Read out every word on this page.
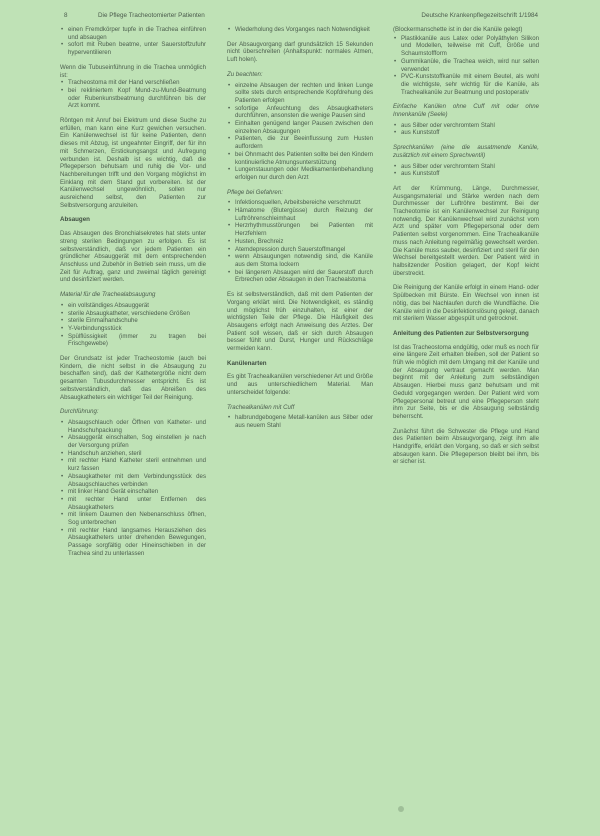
8	Die Pflege Tracheotomierter Patienten	Deutsche Krankenpflegezeitschrift 1/1984
• einen Fremdkörper tupfe in die Trachea einführen und absaugen
• sofort mit Ruben beatme, unter Sauerstoffzufuhr hyperventilieren

Wenn die Tubuseinführung in die Trachea unmöglich ist:

• Tracheostoma mit der Hand verschließen
• bei rekliniertem Kopf Mund-zu-Mund-Beatmung oder Rubenkunstbeatmung durchführen bis der Arzt kommt.

Röntgen mit Anruf bei Elektrum und diese Suche zu erfüllen, man kann eine Kurz gewichen versuchen. Ein Kanülenwechsel ist für keine Patienten, denn dieses mit Abzug, ist ungeahnter Eingriff, der für ihn mit Schmerzen, Erstickungsangst und Aufregung verbunden ist. Deshalb ist es wichtig, daß die Pflegeperson behutsam und ruhig die Vor- und Nachbereitungen trifft und den Vorgang möglichst im Einklang mit dem Stand gut vorbereiten. Ist der Kanülenwechsel ungewöhnlich, sollen nur ausreichend selbst, den Patienten zur Selbstversorgung anzuleiten.

Absaugen

Das Absaugen des Bronchialsekretes hat stets unter streng sterilen Bedingungen zu erfolgen. Es ist selbstverständlich, daß vor jedem Patienten ein gründlicher Absauggerät mit dem entsprechenden Anschluss und Zubehör in Betrieb sein muss, um die Zeit für Auftrag, ganz und zweimal täglich gereinigt und desinfiziert werden.

Material für die Trachealabsaugung
• ein vollständiges Absauggerät
• sterile Absaugkatheter, verschiedene Größen
• sterile Einmalhandschuhe
• Y-Verbindungsstück
• Spülflüssigkeit (immer zu tragen bei Frischgewebe)

Der Grundsatz ist jeder Tracheostomie (auch bei Kindern, die nicht selbst in die Absaugung zu beschaffen sind), daß der Kathetergröße nicht dem gesamten Tubusdurchmesser entspricht. Es ist selbstverständlich, daß das Abreißen des Absaugkatheters ein wichtiger Teil der Reinigung.

Durchführung:
• Absaugschlauch oder Öffnen von Katheter- und Handschuhpackung
• Absauggerät einschalten, Sog einstellen je nach der Versorgung prüfen
• Handschuh anziehen, steril
• mit rechter Hand Katheter steril entnehmen und kurz fassen
• Absaugkatheter mit dem Verbindungsstück des Absaugschlauches verbinden
• mit linker Hand Gerät einschalten
• mit rechter Hand unter Entfernen des Absaugkatheters
• mit linkem Daumen den Nebenanschluss öffnen, Sog unterbrechen
• mit rechter Hand langsames Herausziehen des Absaugkatheters unter drehenden Bewegungen, Passage sorgfältig oder Hineinschieben in der Trachea sind zu unterlassen
• Wiederholung des Vorganges nach Notwendigkeit

Der Absaugvorgang darf grundsätzlich 15 Sekunden nicht überschreiten (Anhaltspunkt: normales Atmen, Luft holen).

Zu beachten:
• einzelne Absaugen der rechten und linken Lunge sollte stets durch entsprechende Kopfdrehung des Patienten erfolgen
• sofortige Anfeuchtung des Absaugkatheters durchführen, ansonsten die wenige Pausen sind
• Einhalten genügend langer Pausen zwischen den einzelnen Absaugungen
• Patienten, die zur Beeinflussung zum Husten auffordern
• bei Ohnmacht des Patienten sollte bei den Kindern kontinuierliche Atmungsunterstützung
• Lungenstauungen oder Medikamentenbehandlung erfolgen nur durch den Arzt
Pflege bei Gefahren:
• Infektionsquellen, Arbeitsbereiche verschmutzt
• Hämatome (Blutergüsse) durch Reizung der Luftröhrenschleimhaut
• Herzrhythmusstörungen bei Patienten mit Herzfehlern
• Husten, Brechreiz
• Atemdepression durch Sauerstoffmangel
• wenn Absaugungen notwendig sind, die Kanüle aus dem Stoma lockern
• bei längerem Absaugen wird der Sauerstoff durch Erbrechen oder Absaugen in den Trachealstoma

Es ist selbstverständlich, daß mit dem Patienten der Vorgang erklärt wird. Die Notwendigkeit, es ständig und möglichst früh einzuhalten, ist einer der wichtigsten Teile der Pflege. Die Häufigkeit des Absaugens erfolgt nach Anweisung des Arztes. Der Patient soll wissen, daß er sich durch Absaugen besser fühlt und Durst, Hunger und Rückschläge vermeiden kann.

Kanülenarten

Es gibt Trachealkanülen verschiedener Art und Größe und aus unterschiedlichem Material. Man unterscheidet folgende:

Trachealkanülen mit Cuff
• halbrundgebogene Metall-kanülen aus Silber oder aus neuem Stahl

(Blockermanschette ist in der die Kanüle gelegt)

• Plastikkanüle aus Latex oder Polyäthylen Silikon und Modellen, teilweise mit Cuff, Größe und Schaumstoffform
• Gummikanüle, die Trachea weich, wird nur selten verwendet
• PVC-Kunststoffkanüle mit einem Beutel, als wohl die wichtigste, sehr wichtig für die Kanüle, als Trachealkanüle zur Beatmung und postoperativ
Einfache Kanülen ohne Cuff mit oder ohne Innenkanüle (Seele)
• aus Silber oder verchromtem Stahl
• aus Kunststoff
Sprechkanülen (eine die ausatmende Kanüle, zusätzlich mit einem Sprechventil)
• aus Silber oder verchromtem Stahl
• aus Kunststoff

Art der Krümmung, Länge, Durchmesser, Ausgangsmaterial und Stärke werden nach dem Durchmesser der Luftröhre bestimmt. Bei der Tracheotomie ist ein Kanülenwechsel zur Reinigung notwendig. Der Kanülenwechsel wird zunächst vom Arzt und später vom Pflegepersonal oder dem Patienten selbst vorgenommen. Eine Trachealkanüle muss nach Anleitung regelmäßig gewechselt werden. Die Kanüle muss sauber, desinfiziert und steril für den Wechsel bereitgestellt werden. Der Patient wird in halbsitzender Position gelagert, der Kopf leicht überstreckt.

Die Reinigung der Kanüle erfolgt in einem Hand- oder Spülbecken mit Bürste. Ein Wechsel von innen ist nötig, das bei Nachlaufen durch die Wundfläche. Die Kanüle wird in die Desinfektionslösung gelegt, danach mit sterilem Wasser abgespült und getrocknet.

Anleitung des Patienten zur Selbstversorgung

Ist das Tracheostoma endgültig, oder muß es noch für eine längere Zeit erhalten bleiben, soll der Patient so früh wie möglich mit dem Umgang mit der Kanüle und der Absaugung vertraut gemacht werden. Man beginnt mit der Anleitung zum selbständigen Absaugen. Hierbei muss ganz behutsam und mit Geduld vorgegangen werden. Der Patient wird vom Pflegepersonal betreut und eine Pflegeperson steht ihm zur Seite, bis er die Absaugung selbständig beherrscht.

Zunächst führt die Schwester die Pflege und Hand des Patienten beim Absaugvorgang, zeigt ihm alle Handgriffe, erklärt den Vorgang, so daß er sich selbst absaugen kann. Die Pflegeperson bleibt bei ihm, bis er sicher ist.
